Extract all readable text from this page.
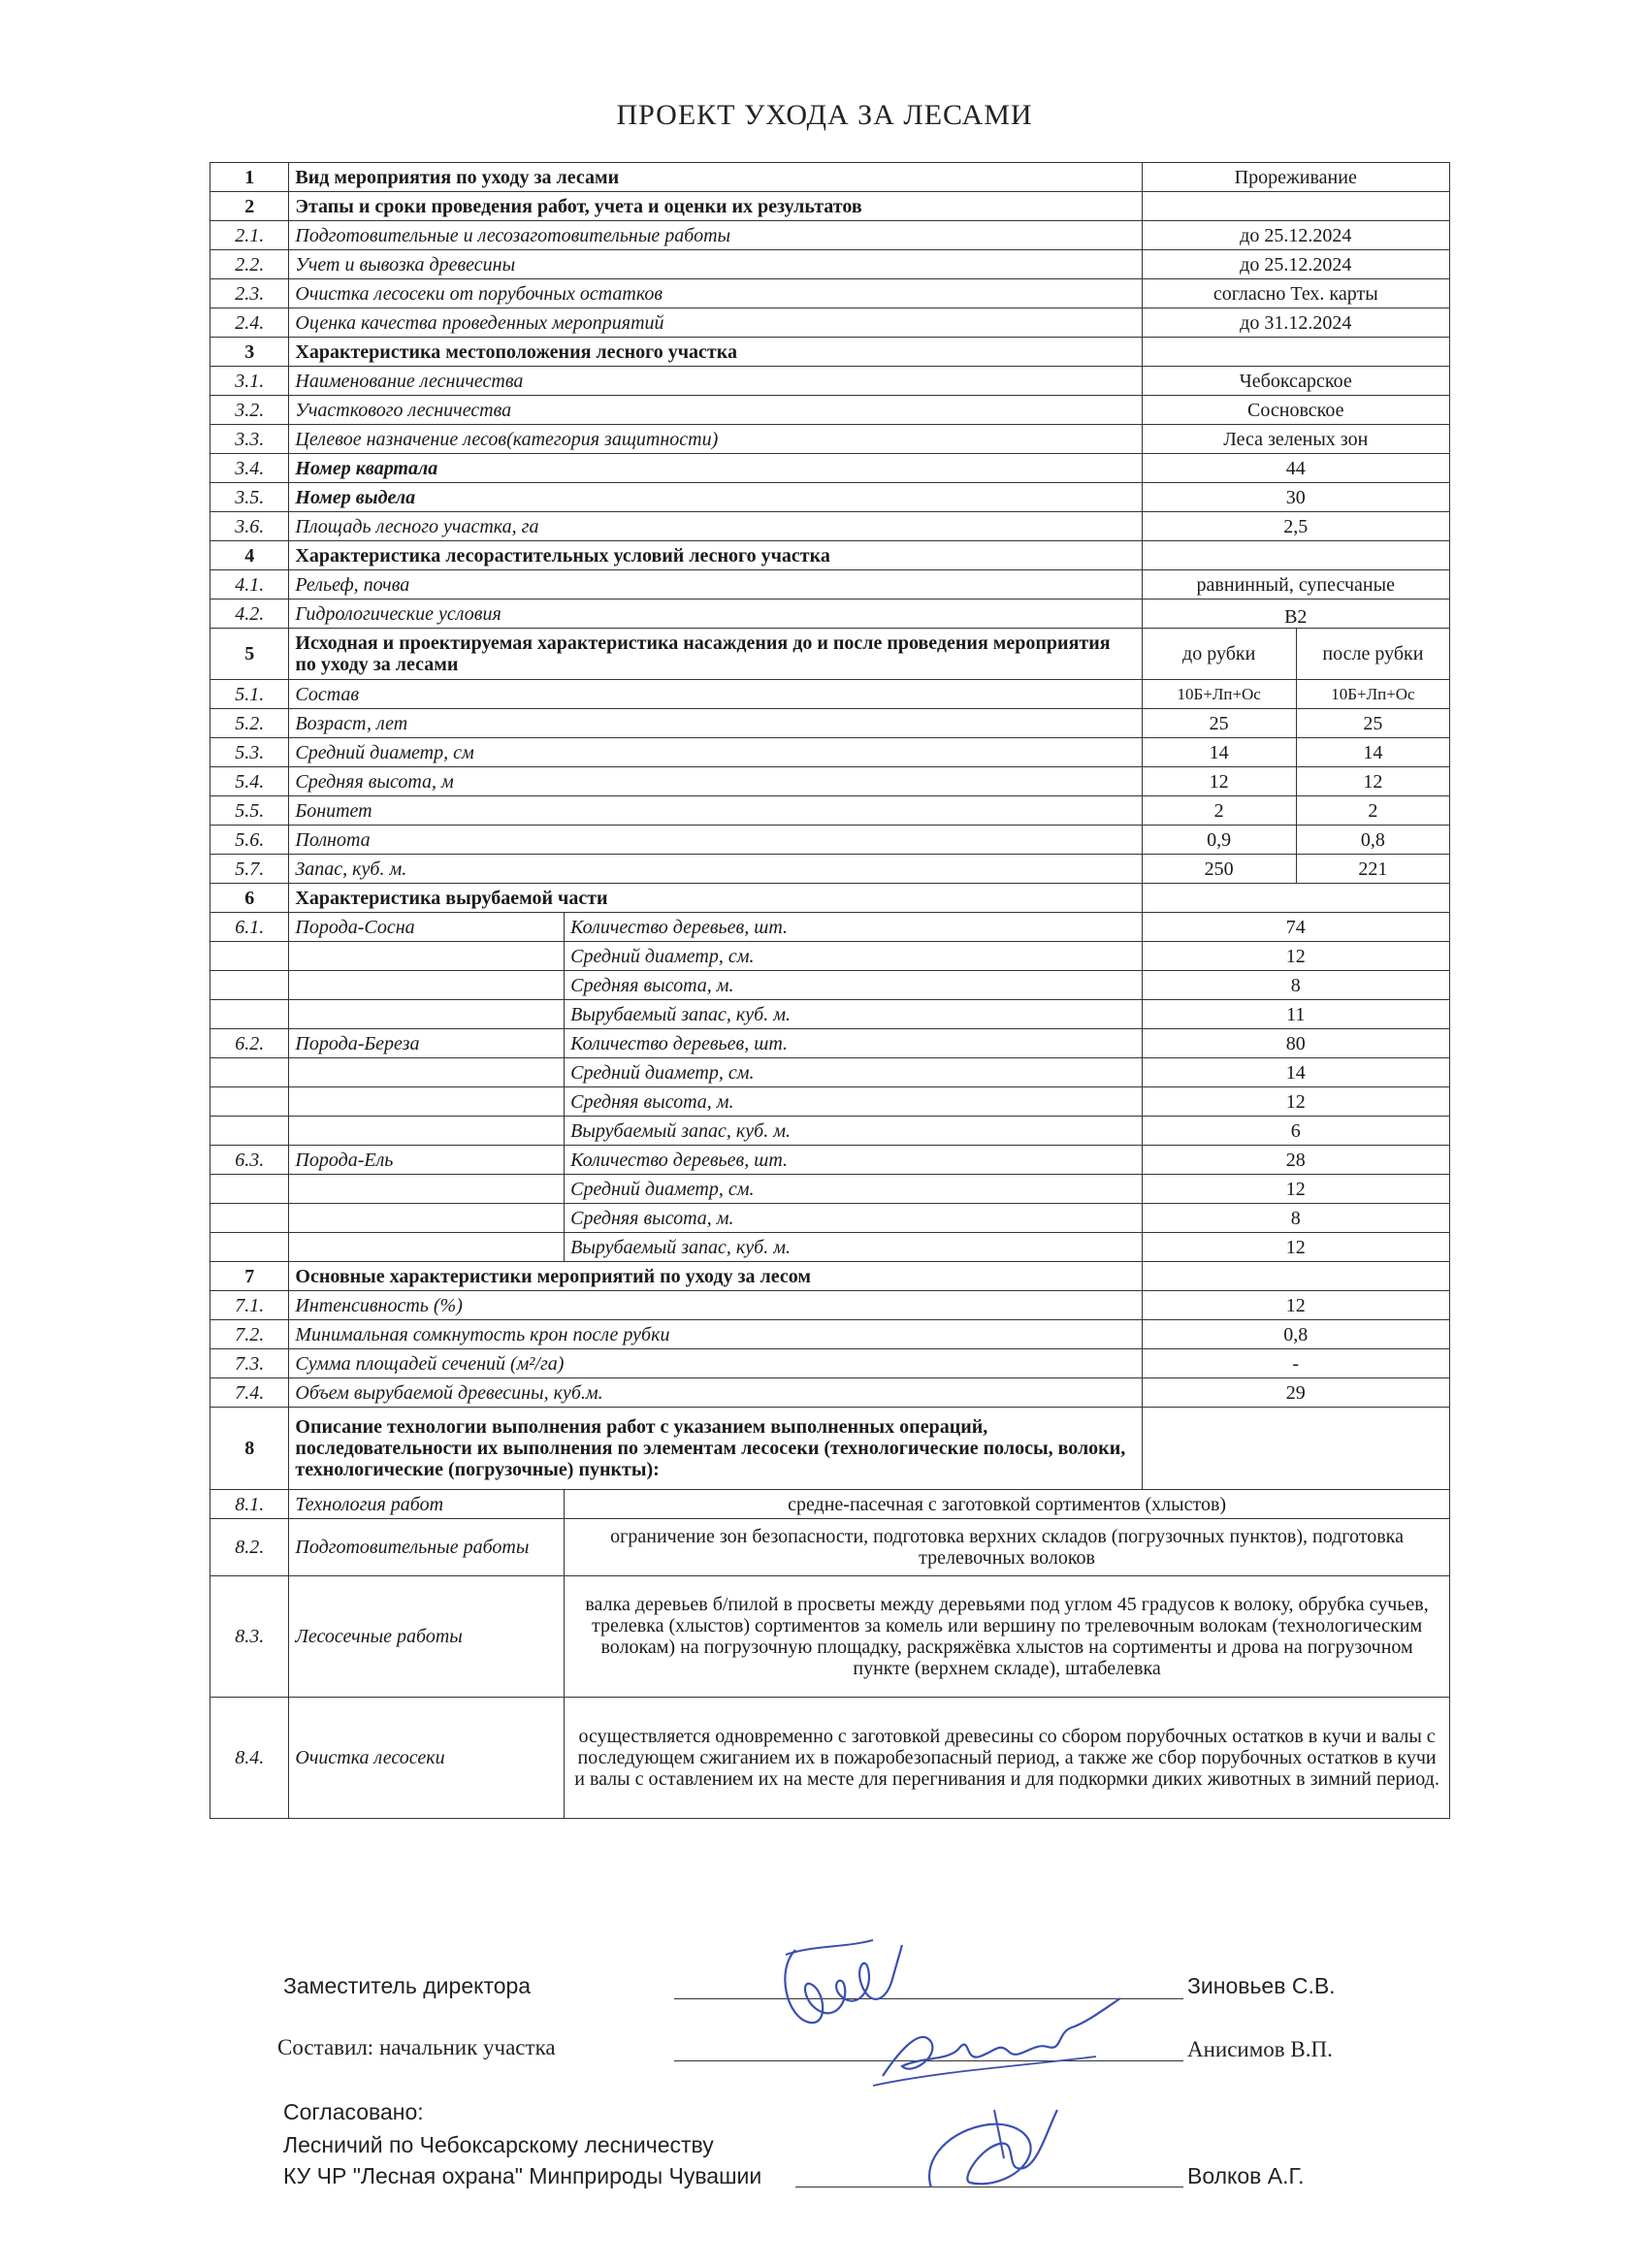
ПРОЕКТ УХОДА ЗА ЛЕСАМИ
1	Вид мероприятия по уходу за лесами		Прореживание	
2	Этапы и сроки проведения работ, учета и оценки их результатов			
2.1.	Подготовительные и лесозаготовительные работы		до 25.12.2024	
2.2.	Учет и вывозка древесины		до 25.12.2024	
2.3.	Очистка лесосеки от порубочных остатков		согласно Тех. карты	
2.4.	Оценка качества проведенных мероприятий		до 31.12.2024	
3	Характеристика местоположения лесного участка			
3.1.	Наименование лесничества		Чебоксарское	
3.2.	Участкового лесничества		Сосновское	
3.3.	Целевое назначение лесов(категория защитности)		Леса зеленых зон	
3.4.	Номер квартала		44	
3.5.	Номер выдела		30	
3.6.	Площадь лесного участка, га		2,5	
4	Характеристика лесорастительных условий лесного участка			
4.1.	Рельеф, почва		равнинный, супесчаные	
4.2.	Гидрологические условия		В2	
5	Исходная и проектируемая характеристика насаждения до и после проведения мероприятия по уходу за лесами		до рубки	после рубки
5.1.	Состав		10Б+Лп+Ос	10Б+Лп+Ос
5.2.	Возраст, лет		25	25
5.3.	Средний диаметр, см		14	14
5.4.	Средняя высота, м		12	12
5.5.	Бонитет		2	2
5.6.	Полнота		0,9	0,8
5.7.	Запас, куб. м.		250	221
6	Характеристика вырубаемой части			
6.1.	Порода-Сосна	Количество деревьев, шт.	74	
		Средний диаметр, см.	12	
		Средняя высота, м.	8	
		Вырубаемый запас, куб. м.	11	
6.2.	Порода-Береза	Количество деревьев, шт.	80	
		Средний диаметр, см.	14	
		Средняя высота, м.	12	
		Вырубаемый запас, куб. м.	6	
6.3.	Порода-Ель	Количество деревьев, шт.	28	
		Средний диаметр, см.	12	
		Средняя высота, м.	8	
		Вырубаемый запас, куб. м.	12	
7	Основные характеристики мероприятий по уходу за лесом			
7.1.	Интенсивность (%)		12	
7.2.	Минимальная сомкнутость крон после рубки		0,8	
7.3.	Сумма площадей сечений (м²/га)		-	
7.4.	Объем вырубаемой древесины, куб.м.		29	
8	Описание технологии выполнения работ с указанием выполненных операций, последовательности их выполнения по элементам лесосеки (технологические полосы, волоки, технологические (погрузочные) пункты):			
8.1.	Технология работ	средне-пасечная с заготовкой сортиментов (хлыстов)		
8.2.	Подготовительные работы	ограничение зон безопасности, подготовка верхних складов (погрузочных пунктов), подготовка трелевочных волоков		
8.3.	Лесосечные работы	валка деревьев б/пилой в просветы между деревьями под углом 45 градусов к волоку, обрубка сучьев, трелевка (хлыстов) сортиментов за комель или вершину по трелевочным волокам (технологическим волокам) на погрузочную площадку, раскряжёвка хлыстов на сортименты и дрова на погрузочном пункте (верхнем складе), штабелевка		
8.4.	Очистка лесосеки	осуществляется одновременно с заготовкой древесины со сбором порубочных остатков в кучи и валы с последующем сжиганием их в пожаробезопасный период, а также же сбор порубочных остатков в кучи и валы с оставлением их на месте для перегнивания и для подкормки диких животных в зимний период.		
Заместитель директора	Зиновьев С.В.
Составил: начальник участка	Анисимов В.П.
Согласовано:
Лесничий по Чебоксарскому лесничеству
КУ ЧР "Лесная охрана" Минприроды Чувашии	Волков А.Г.
